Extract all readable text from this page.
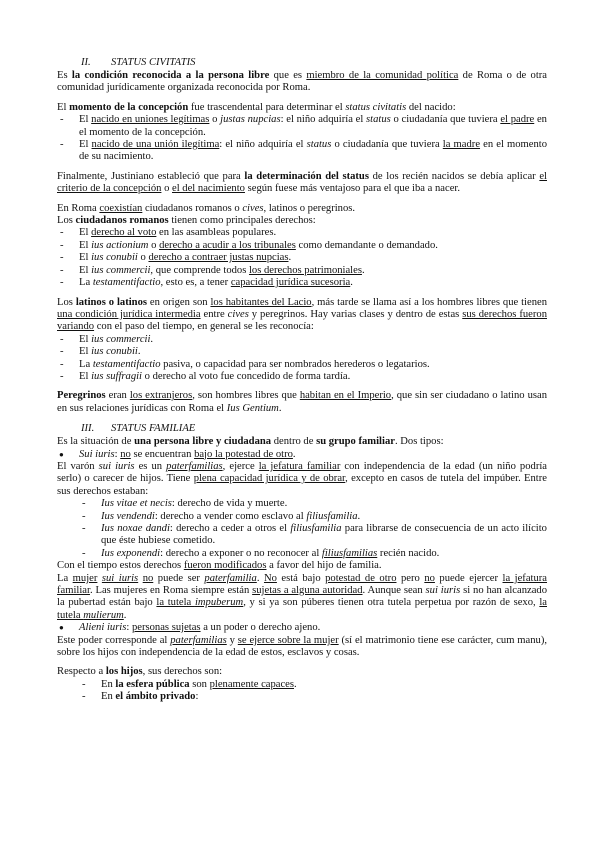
II. STATUS CIVITATIS

Es la condición reconocida a la persona libre que es miembro de la comunidad política de Roma o de otra comunidad jurídicamente organizada reconocida por Roma.

El momento de la concepción fue trascendental para determinar el status civitatis del nacido:

- El nacido en uniones legítimas o justas nupcias: el niño adquiría el status o ciudadanía que tuviera el padre en el momento de la concepción.
- El nacido de una unión ilegítima: el niño adquiría el status o ciudadanía que tuviera la madre en el momento de su nacimiento.

Finalmente, Justiniano estableció que para la determinación del status de los recién nacidos se debía aplicar el criterio de la concepción o el del nacimiento según fuese más ventajoso para el que iba a nacer.

En Roma coexistían ciudadanos romanos o cives, latinos o peregrinos.

Los ciudadanos romanos tienen como principales derechos:

- El derecho al voto en las asambleas populares.
- El ius actionium o derecho a acudir a los tribunales como demandante o demandado.
- El ius conubii o derecho a contraer justas nupcias.
- El ius commercii, que comprende todos los derechos patrimoniales.
- La testamentifactio, esto es, a tener capacidad jurídica sucesoria.

Los latinos o latinos en origen son los habitantes del Lacio, más tarde se llama así a los hombres libres que tienen una condición jurídica intermedia entre cives y peregrinos. Hay varias clases y dentro de estas sus derechos fueron variando con el paso del tiempo, en general se les reconocía:

- El ius commercii.
- El ius conubii.
- La testamentifactio pasiva, o capacidad para ser nombrados herederos o legatarios.
- El ius suffragii o derecho al voto fue concedido de forma tardía.

Peregrinos eran los extranjeros, son hombres libres que habitan en el Imperio, que sin ser ciudadano o latino usan en sus relaciones jurídicas con Roma el Ius Gentium.

III. STATUS FAMILIAE

Es la situación de una persona libre y ciudadana dentro de su grupo familiar. Dos tipos:

● Sui iuris: no se encuentran bajo la potestad de otro.

El varón sui iuris es un paterfamilias, ejerce la jefatura familiar con independencia de la edad (un niño podría serlo) o carecer de hijos. Tiene plena capacidad jurídica y de obrar, excepto en casos de tutela del impúber. Entre sus derechos estaban:

- Ius vitae et necis: derecho de vida y muerte.
- Ius vendendi: derecho a vender como esclavo al filiusfamilia.
- Ius noxae dandi: derecho a ceder a otros el filiusfamilia para librarse de consecuencia de un acto ilícito que éste hubiese cometido.
- Ius exponendi: derecho a exponer o no reconocer al filiusfamilias recién nacido.

Con el tiempo estos derechos fueron modificados a favor del hijo de familia.

La mujer sui iuris no puede ser paterfamilia. No está bajo potestad de otro pero no puede ejercer la jefatura familiar. Las mujeres en Roma siempre están sujetas a alguna autoridad. Aunque sean sui iuris si no han alcanzado la pubertad están bajo la tutela impuberum, y si ya son púberes tienen otra tutela perpetua por razón de sexo, la tutela mulierum.

● Alieni iuris: personas sujetas a un poder o derecho ajeno.

Este poder corresponde al paterfamilias y se ejerce sobre la mujer (sí el matrimonio tiene ese carácter, cum manu), sobre los hijos con independencia de la edad de estos, esclavos y cosas.

Respecto a los hijos, sus derechos son:

- En la esfera pública son plenamente capaces.
- En el ámbito privado:
